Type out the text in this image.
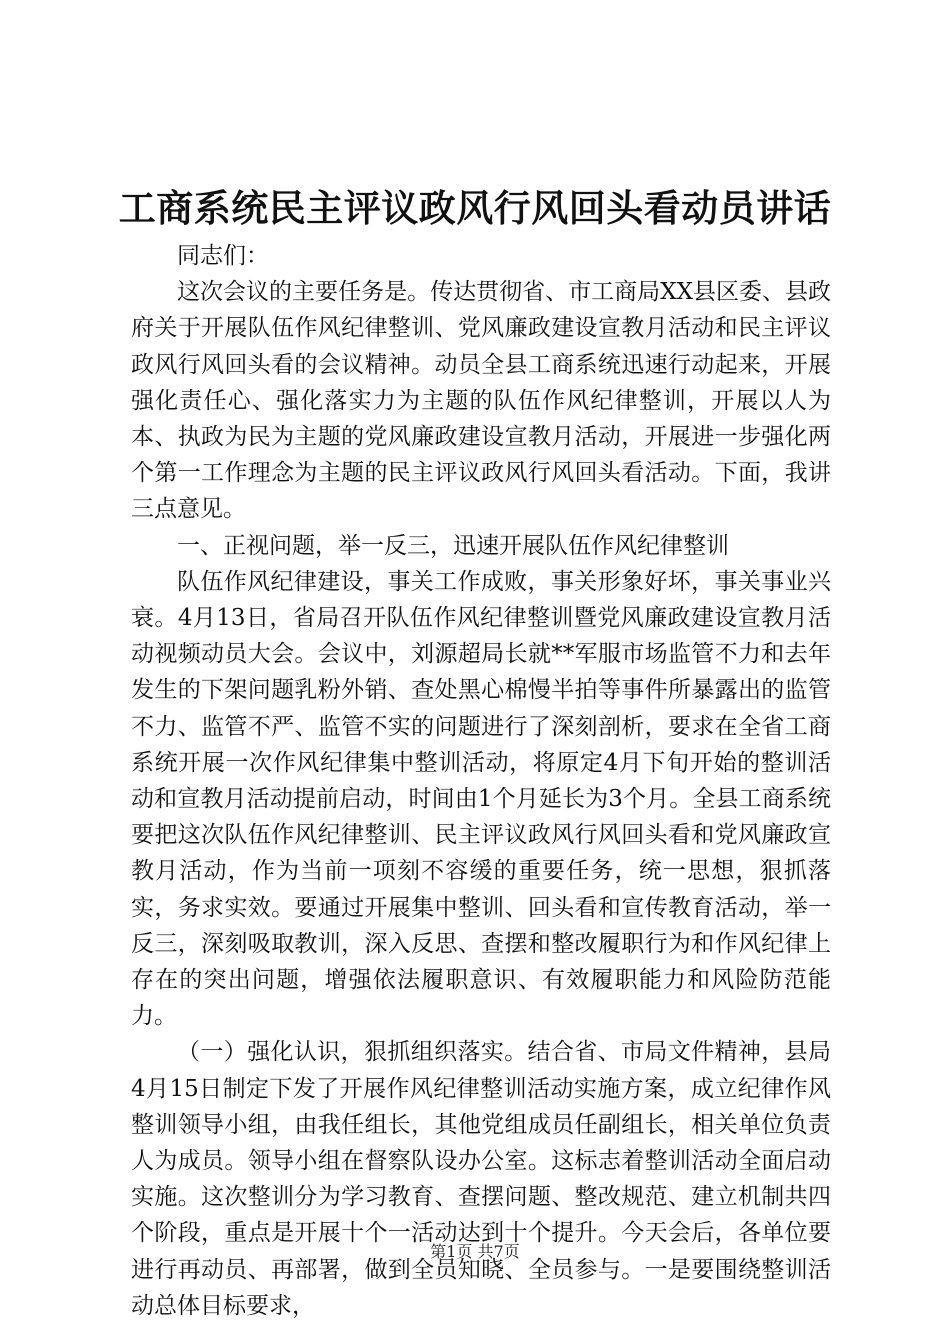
工商系统民主评议政风行风回头看动员讲话

同志们：

这次会议的主要任务是。传达贯彻省、市工商局XX县区委、县政府关于开展队伍作风纪律整训、党风廉政建设宣教月活动和民主评议政风行风回头看的会议精神。动员全县工商系统迅速行动起来，开展强化责任心、强化落实力为主题的队伍作风纪律整训，开展以人为本、执政为民为主题的党风廉政建设宣教月活动，开展进一步强化两个第一工作理念为主题的民主评议政风行风回头看活动。下面，我讲三点意见。

一、正视问题，举一反三，迅速开展队伍作风纪律整训

队伍作风纪律建设，事关工作成败，事关形象好坏，事关事业兴衰。4月13日，省局召开队伍作风纪律整训暨党风廉政建设宣教月活动视频动员大会。会议中，刘源超局长就**军服市场监管不力和去年发生的下架问题乳粉外销、查处黑心棉慢半拍等事件所暴露出的监管不力、监管不严、监管不实的问题进行了深刻剖析，要求在全省工商系统开展一次作风纪律集中整训活动，将原定4月下旬开始的整训活动和宣教月活动提前启动，时间由1个月延长为3个月。全县工商系统要把这次队伍作风纪律整训、民主评议政风行风回头看和党风廉政宣教月活动，作为当前一项刻不容缓的重要任务，统一思想，狠抓落实，务求实效。要通过开展集中整训、回头看和宣传教育活动，举一反三，深刻吸取教训，深入反思、查摆和整改履职行为和作风纪律上存在的突出问题，增强依法履职意识、有效履职能力和风险防范能力。

（一）强化认识，狠抓组织落实。结合省、市局文件精神，县局4月15日制定下发了开展作风纪律整训活动实施方案，成立纪律作风整训领导小组，由我任组长，其他党组成员任副组长，相关单位负责人为成员。领导小组在督察队设办公室。这标志着整训活动全面启动实施。这次整训分为学习教育、查摆问题、整改规范、建立机制共四个阶段，重点是开展十个一活动达到十个提升。今天会后，各单位要进行再动员、再部署，做到全员知晓、全员参与。一是要围绕整训活动总体目标要求，

第1页 共7页
